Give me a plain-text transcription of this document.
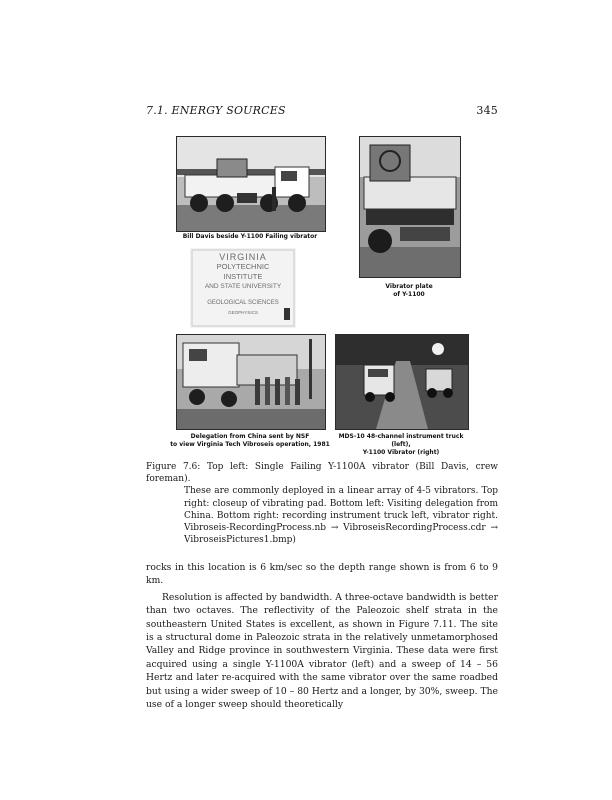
7.1. ENERGY SOURCES	345
Bill Davis beside Y-1100 Failing vibrator
Vibrator plate
of Y-1100
VIRGINIA
POLYTECHNIC INSTITUTE
AND STATE UNIVERSITY
GEOLOGICAL SCIENCES
GEOPHYSICS
Delegation from China sent by NSF
to view Virginia Tech Vibroseis operation, 1981
MDS-10 48-channel instrument truck (left),
Y-1100 Vibrator (right)
Figure 7.6: Top left: Single Failing Y-1100A vibrator (Bill Davis, crew foreman).
These are commonly deployed in a linear array of 4-5 vibrators. Top right: closeup of vibrating pad. Bottom left: Visiting delegation from China. Bottom right: recording instrument truck left, vibrator right. Vibroseis-RecordingProcess.nb → VibroseisRecordingProcess.cdr → VibroseisPictures1.bmp)

rocks in this location is 6 km/sec so the depth range shown is from 6 to 9 km.

Resolution is affected by bandwidth. A three-octave bandwidth is better than two octaves. The reflectivity of the Paleozoic shelf strata in the southeastern United States is excellent, as shown in Figure 7.11. The site is a structural dome in Paleozoic strata in the relatively unmetamorphosed Valley and Ridge province in southwestern Virginia. These data were first acquired using a single Y-1100A vibrator (left) and a sweep of 14 – 56 Hertz and later re-acquired with the same vibrator over the same roadbed but using a wider sweep of 10 – 80 Hertz and a longer, by 30%, sweep. The use of a longer sweep should theoretically
